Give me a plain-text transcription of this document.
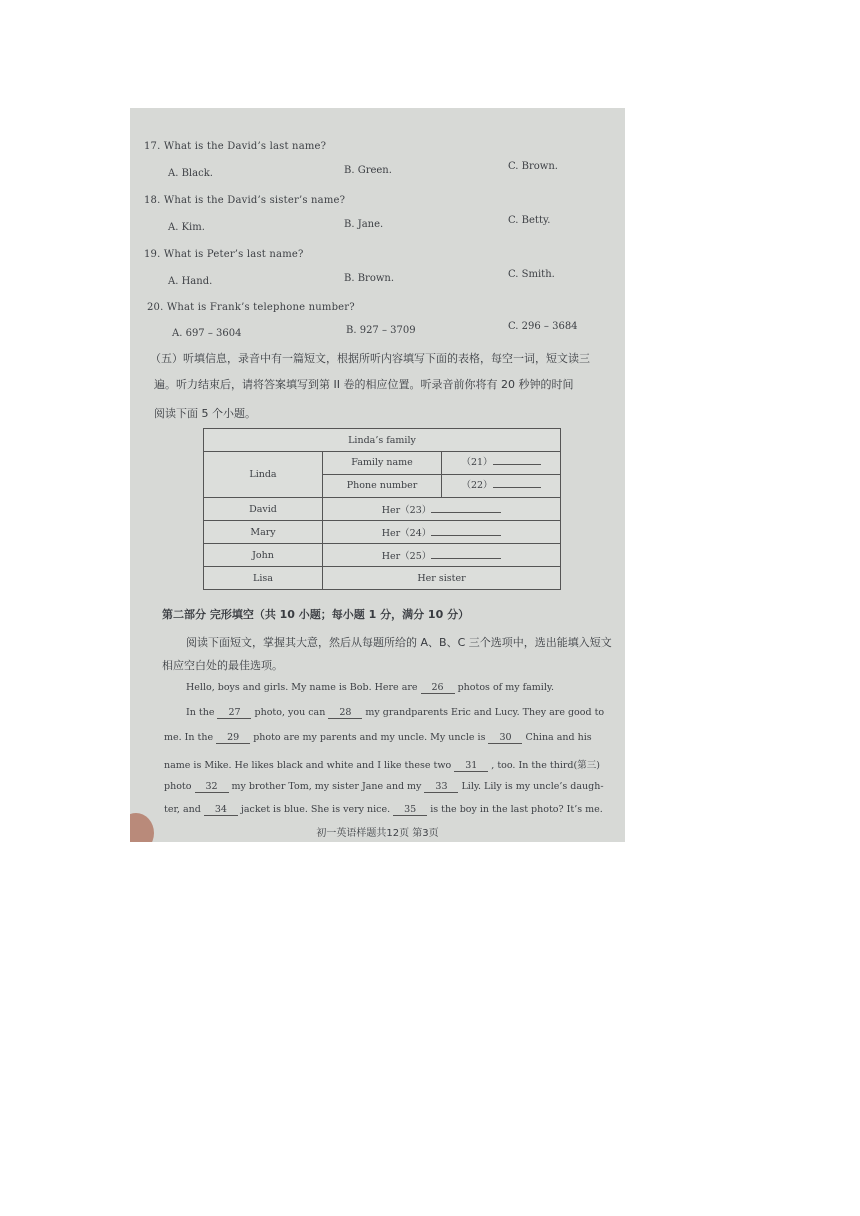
17. What is the David’s last name?
A. Black.	B. Green.	C. Brown.
18. What is the David’s sister’s name?
A. Kim.	B. Jane.	C. Betty.
19. What is Peter’s last name?
A. Hand.	B. Brown.	C. Smith.
20. What is Frank’s telephone number?
A. 697 – 3604	B. 927 – 3709	C. 296 – 3684
（五）听填信息，录音中有一篇短文，根据所听内容填写下面的表格，每空一词，短文读三
遍。听力结束后，请将答案填写到第 II 卷的相应位置。听录音前你将有 20 秒钟的时间
阅读下面 5 个小题。
Linda’s family	
Linda	Family name （21）

	Phone number （22）

David	Her（23）
Mary	Her（24）
John	Her（25）
Lisa	Her sister
第二部分 完形填空（共 10 小题；每小题 1 分，满分 10 分）
阅读下面短文，掌握其大意，然后从每题所给的 A、B、C 三个选项中，选出能填入短文
相应空白处的最佳选项。
Hello, boys and girls. My name is Bob. Here are 26 photos of my family.
In the 27 photo, you can 28 my grandparents Eric and Lucy. They are good to
me. In the 29 photo are my parents and my uncle. My uncle is 30 China and his
name is Mike. He likes black and white and I like these two 31 , too. In the third(第三)
photo 32 my brother Tom, my sister Jane and my 33 Lily. Lily is my uncle’s daugh-
ter, and 34 jacket is blue. She is very nice. 35 is the boy in the last photo? It’s me.
初一英语样题共12页 第3页
